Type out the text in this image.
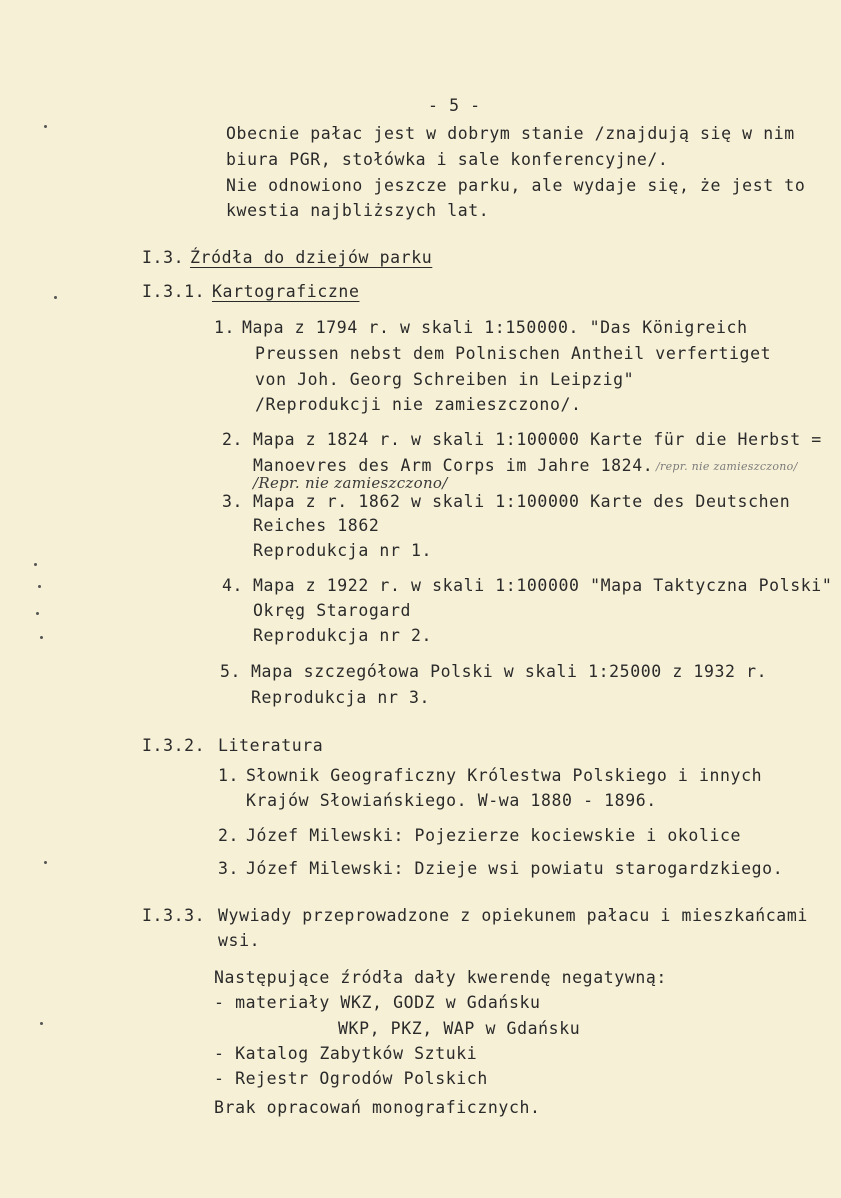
- 5 -
Obecnie pałac jest w dobrym stanie /znajdują się w nim
biura PGR, stołówka i sale konferencyjne/.
Nie odnowiono jeszcze parku, ale wydaje się, że jest to
kwestia najbliższych lat.
I.3. Źródła do dziejów parku
I.3.1. Kartograficzne
1. Mapa z 1794 r. w skali 1:150000. "Das Königreich
Preussen nebst dem Polnischen Antheil verfertiget
von Joh. Georg Schreiben in Leipzig"
/Reprodukcji nie zamieszczono/.
2. Mapa z 1824 r. w skali 1:100000 Karte für die Herbst =
Manoevres des Arm Corps im Jahre 1824. /repr. nie zamieszczono/
/Repr. nie zamieszczono/
3. Mapa z r. 1862 w skali 1:100000 Karte des Deutschen
Reiches 1862
Reprodukcja nr 1.
4. Mapa z 1922 r. w skali 1:100000 "Mapa Taktyczna Polski"
Okręg Starogard
Reprodukcja nr 2.
5. Mapa szczegółowa Polski w skali 1:25000 z 1932 r.
Reprodukcja nr 3.
I.3.2. Literatura
1. Słownik Geograficzny Królestwa Polskiego i innych
Krajów Słowiańskiego. W-wa 1880 - 1896.
2. Józef Milewski: Pojezierze kociewskie i okolice
3. Józef Milewski: Dzieje wsi powiatu starogardzkiego.
I.3.3. Wywiady przeprowadzone z opiekunem pałacu i mieszkańcami
wsi.
Następujące źródła dały kwerendę negatywną:
- materiały WKZ, GODZ w Gdańsku
WKP, PKZ, WAP w Gdańsku
- Katalog Zabytków Sztuki
- Rejestr Ogrodów Polskich
Brak opracowań monograficznych.
